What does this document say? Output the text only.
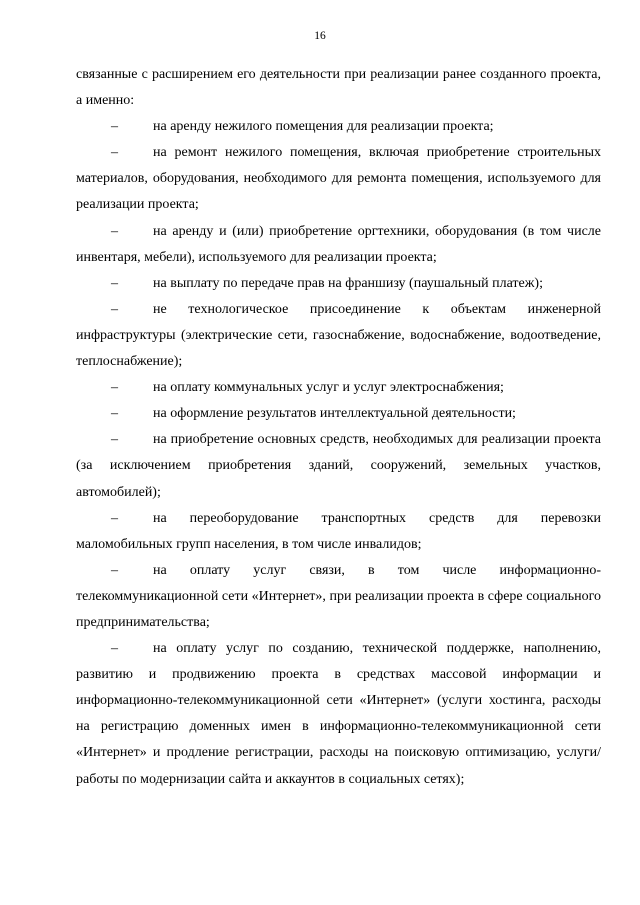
16

связанные с расширением его деятельности при реализации ранее созданного проекта, а именно:

–	на аренду нежилого помещения для реализации проекта;

–	на ремонт нежилого помещения, включая приобретение строительных материалов, оборудования, необходимого для ремонта помещения, используемого для реализации проекта;

–	на аренду и (или) приобретение оргтехники, оборудования (в том числе инвентаря, мебели), используемого для реализации проекта;

–	на выплату по передаче прав на франшизу (паушальный платеж);

–	не технологическое присоединение к объектам инженерной инфраструктуры (электрические сети, газоснабжение, водоснабжение, водоотведение, теплоснабжение);

–	на оплату коммунальных услуг и услуг электроснабжения;

–	на оформление результатов интеллектуальной деятельности;

–	на приобретение основных средств, необходимых для реализации проекта (за исключением приобретения зданий, сооружений, земельных участков, автомобилей);

–	на переоборудование транспортных средств для перевозки маломобильных групп населения, в том числе инвалидов;

–	на оплату услуг связи, в том числе информационно-телекоммуникационной сети «Интернет», при реализации проекта в сфере социального предпринимательства;

–	на оплату услуг по созданию, технической поддержке, наполнению, развитию и продвижению проекта в средствах массовой информации и информационно-телекоммуникационной сети «Интернет» (услуги хостинга, расходы на регистрацию доменных имен в информационно-телекоммуникационной сети «Интернет» и продление регистрации, расходы на поисковую оптимизацию, услуги/работы по модернизации сайта и аккаунтов в социальных сетях);
